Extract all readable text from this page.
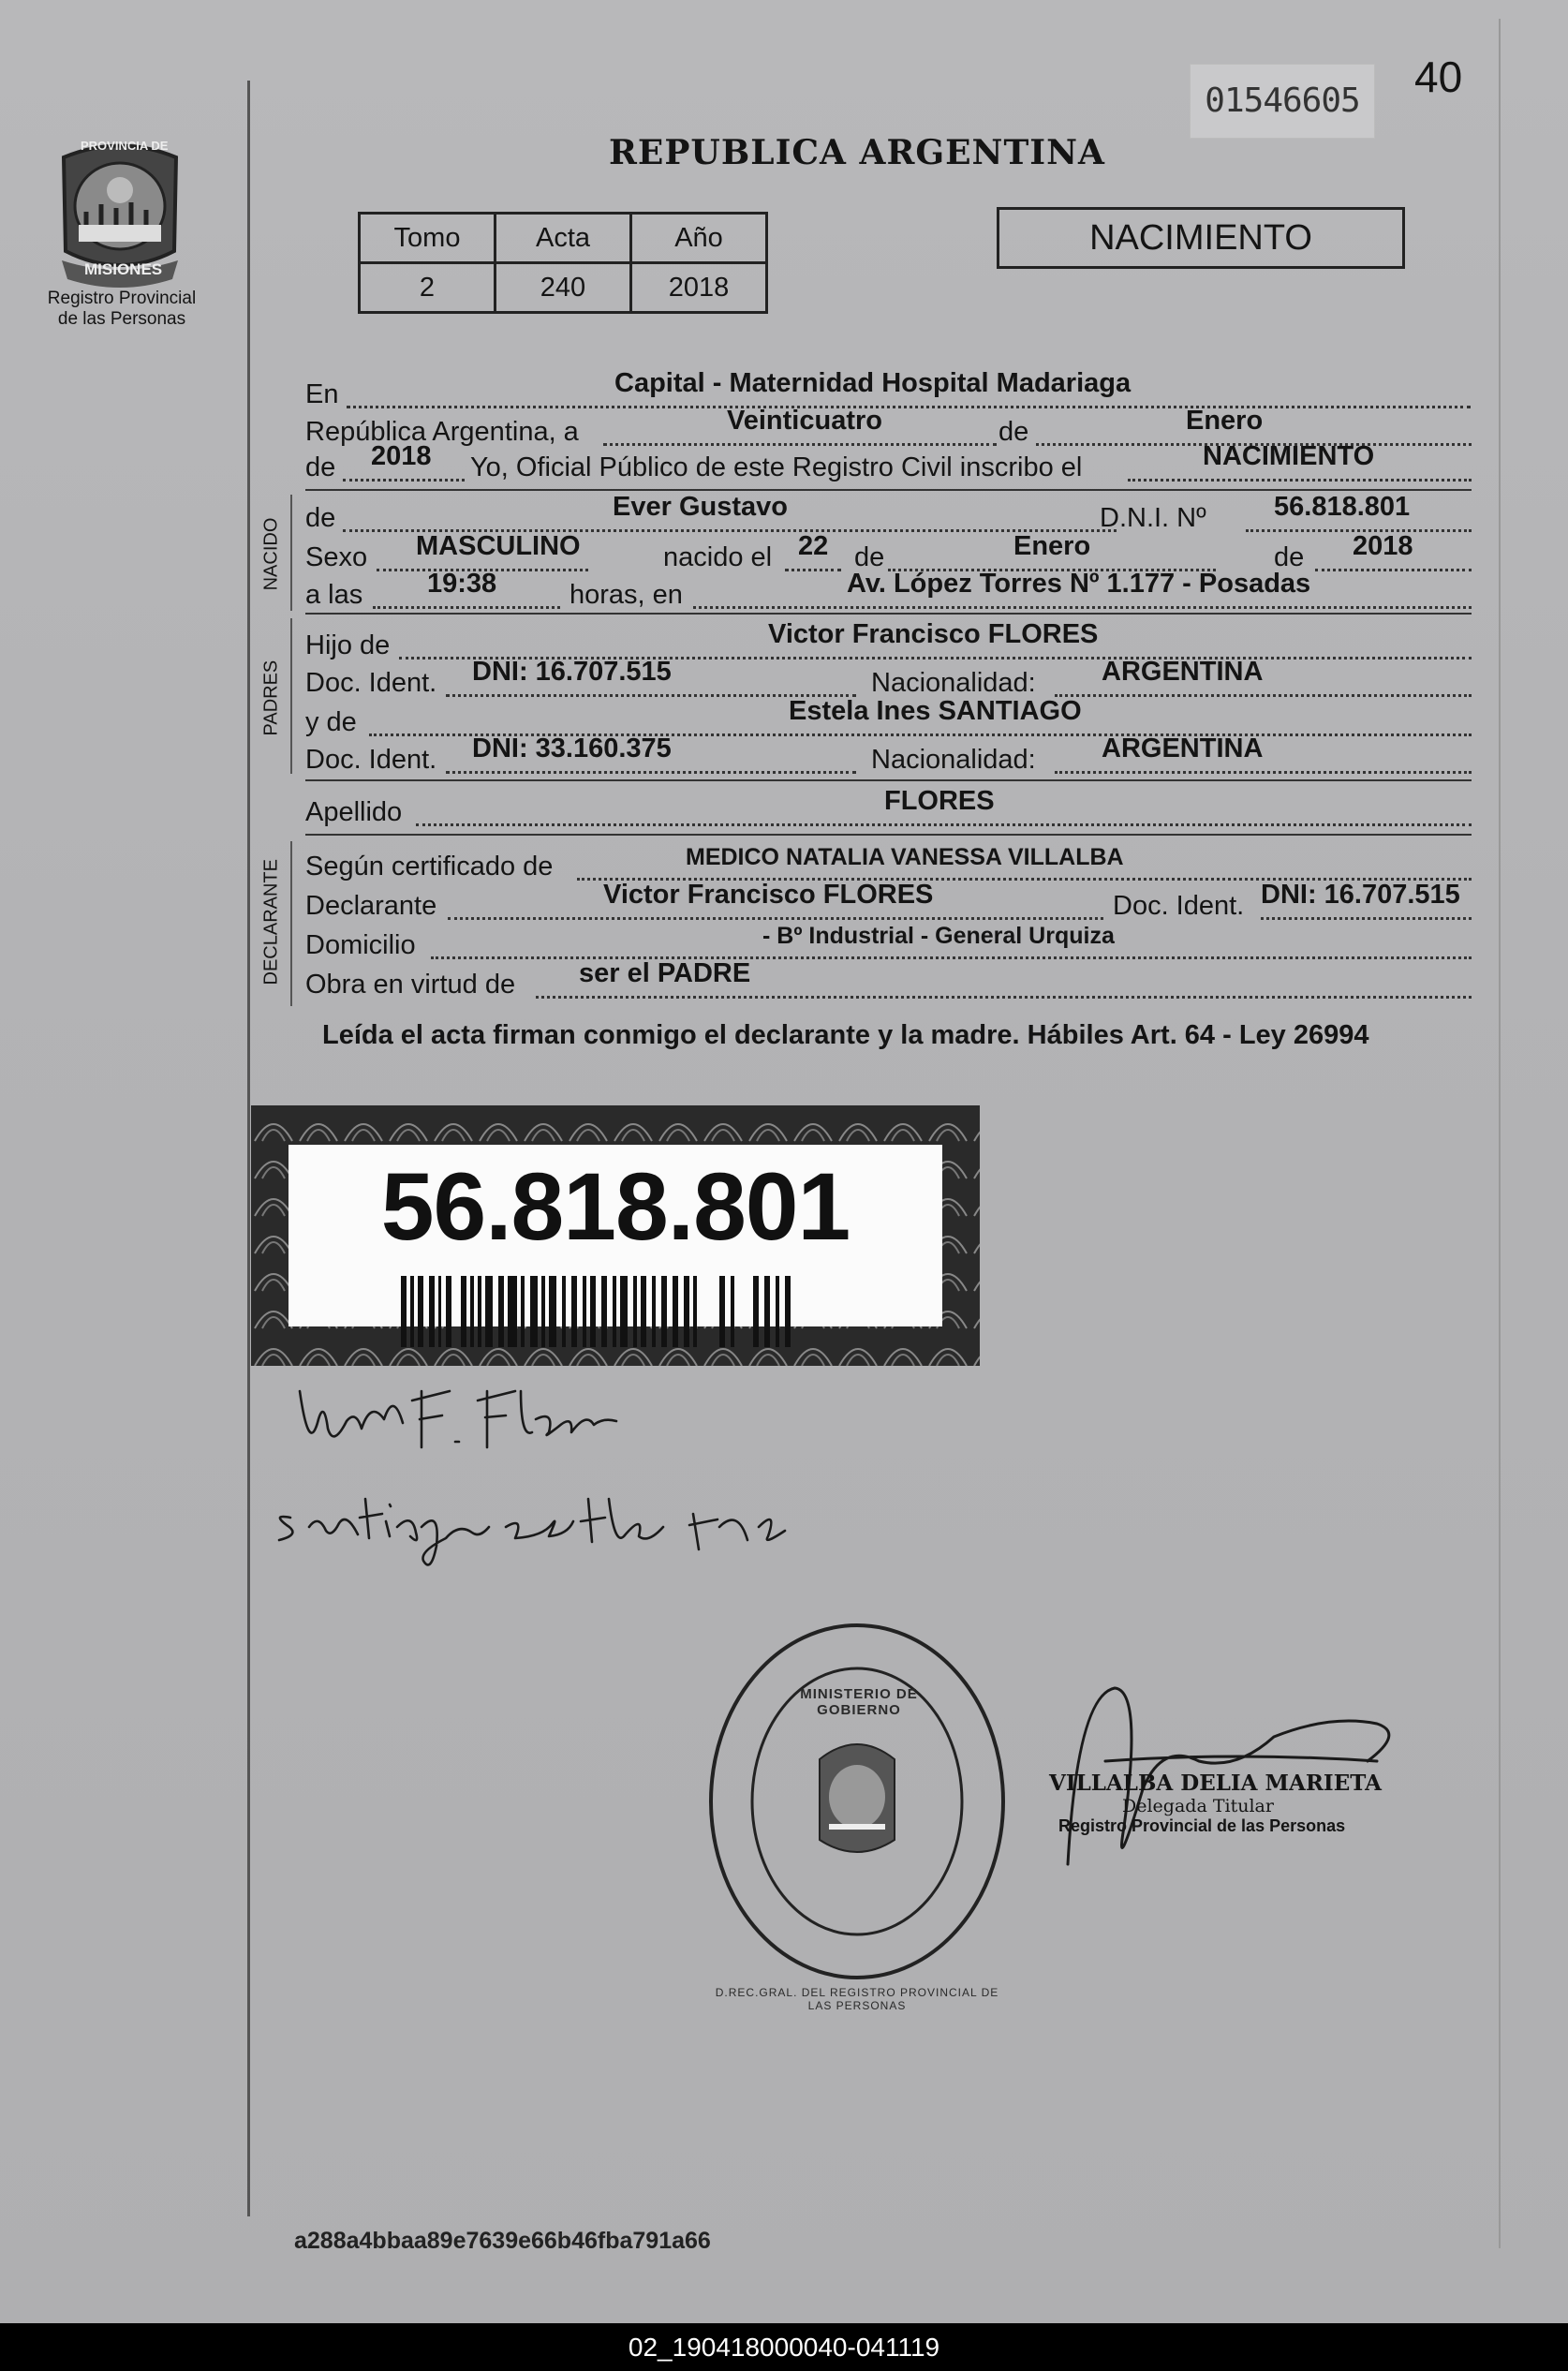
40
01546605
PROVINCIA DE
MISIONES
Registro Provincial
de las Personas
REPUBLICA ARGENTINA
Tomo	Acta	Año
2	240	2018
NACIMIENTO
En	Capital - Maternidad Hospital Madariaga
República Argentina, a	Veinticuatro	de	Enero
de 2018 Yo, Oficial Público de este Registro Civil inscribo el	NACIMIENTO
NACIDO de	Ever Gustavo	D.N.I. Nº 56.818.801
Sexo MASCULINO	nacido el 22 de	Enero	de 2018
a las 19:38	horas, en	Av. López Torres Nº 1.177 - Posadas
PADRES
Hijo de	Victor Francisco FLORES
Doc. Ident. DNI: 16.707.515	Nacionalidad: ARGENTINA
y de	Estela Ines SANTIAGO
Doc. Ident. DNI: 33.160.375	Nacionalidad: ARGENTINA
Apellido	FLORES
DECLARANTE Según certificado de	MEDICO NATALIA VANESSA VILLALBA
Declarante	Victor Francisco FLORES	Doc. Ident. DNI: 16.707.515
Domicilio	- Bº Industrial - General Urquiza
Obra en virtud de ser el PADRE
Leída el acta firman conmigo el declarante y la madre. Hábiles Art. 64 - Ley 26994
56.818.801
D.REC.GRAL. DEL REGISTRO PROVINCIAL DE LAS PERSONAS
MINISTERIO DE GOBIERNO
VILLALBA DELIA MARIETA
Delegada Titular
Registro Provincial de las Personas
a288a4bbaa89e7639e66b46fba791a66
02_190418000040-041119
